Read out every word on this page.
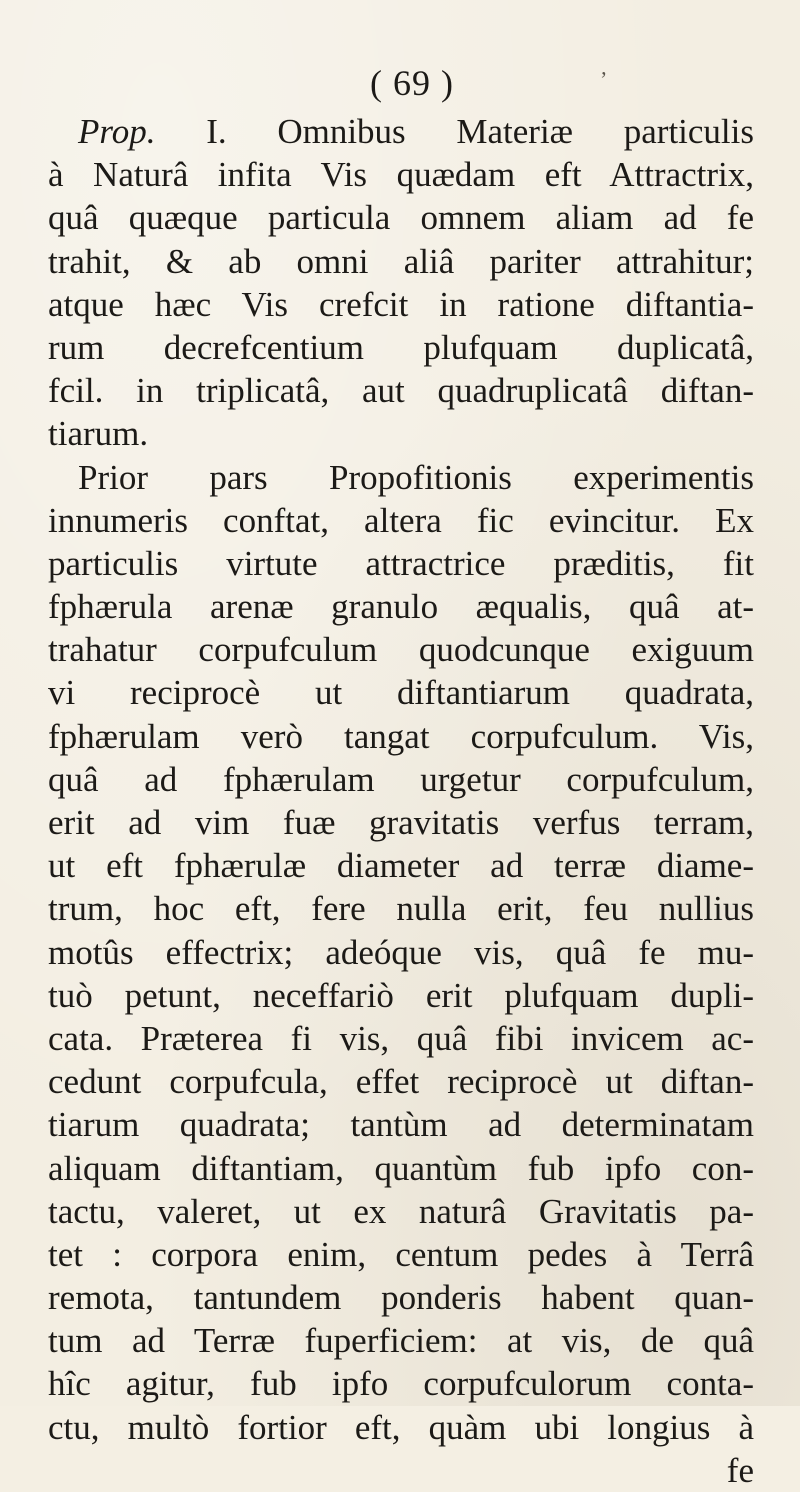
( 69 )	ʼ
Prop. I. Omnibus Materiæ particulis
à Naturâ infita Vis quædam eft Attractrix,
quâ quæque particula omnem aliam ad fe
trahit, & ab omni aliâ pariter attrahitur;
atque hæc Vis crefcit in ratione diftantia-
rum decrefcentium plufquam duplicatâ,
fcil. in triplicatâ, aut quadruplicatâ diftan-
tiarum.
Prior pars Propofitionis experimentis
innumeris conftat, altera fic evincitur. Ex
particulis virtute attractrice præditis, fit
fphærula arenæ granulo æqualis, quâ at-
trahatur corpufculum quodcunque exiguum
vi reciprocè ut diftantiarum quadrata,
fphærulam verò tangat corpufculum. Vis,
quâ ad fphærulam urgetur corpufculum,
erit ad vim fuæ gravitatis verfus terram,
ut eft fphærulæ diameter ad terræ diame-
trum, hoc eft, fere nulla erit, feu nullius
motûs effectrix; adeóque vis, quâ fe mu-
tuò petunt, neceffariò erit plufquam dupli-
cata. Præterea fi vis, quâ fibi invicem ac-
cedunt corpufcula, effet reciprocè ut diftan-
tiarum quadrata; tantùm ad determinatam
aliquam diftantiam, quantùm fub ipfo con-
tactu, valeret, ut ex naturâ Gravitatis pa-
tet : corpora enim, centum pedes à Terrâ
remota, tantundem ponderis habent quan-
tum ad Terræ fuperficiem: at vis, de quâ
hîc agitur, fub ipfo corpufculorum conta-
ctu, multò fortior eft, quàm ubi longius à
fe
